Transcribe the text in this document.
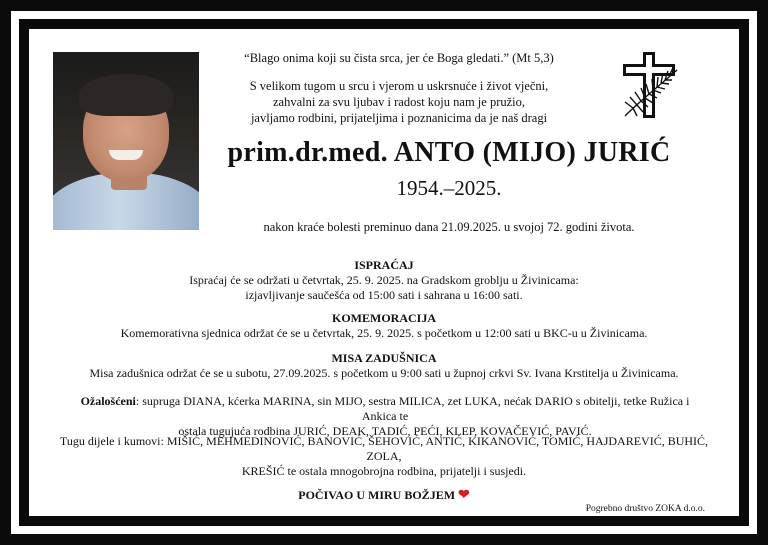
“Blago onima koji su čista srca, jer će Boga gledati.” (Mt 5,3)
S velikom tugom u srcu i vjerom u uskrsnuće i život vječni,
zahvalni za svu ljubav i radost koju nam je pružio,
javljamo rodbini, prijateljima i poznanicima da je naš dragi
prim.dr.med. ANTO (MIJO) JURIĆ
1954.–2025.
nakon kraće bolesti preminuo dana 21.09.2025. u svojoj 72. godini života.
ISPRAĆAJ
Ispraćaj će se održati u četvrtak, 25. 9. 2025. na Gradskom groblju u Živinicama:
izjavljivanje saučešća od 15:00 sati i sahrana u 16:00 sati.
KOMEMORACIJA
Komemorativna sjednica održat će se u četvrtak, 25. 9. 2025. s početkom u 12:00 sati u BKC-u u Živinicama.
MISA ZADUŠNICA
Misa zadušnica održat će se u subotu, 27.09.2025. s početkom u 9:00 sati u župnoj crkvi Sv. Ivana Krstitelja u Živinicama.
Ožalošćeni: supruga DIANA, kćerka MARINA, sin MIJO, sestra MILICA, zet LUKA, nećak DARIO s obitelji, tetke Ružica i Ankica te
ostala tugujuća rodbina JURIĆ, DEAK, TADIĆ, PEĆI, KLEP, KOVAČEVIĆ, PAVIĆ.
Tugu dijele i kumovi: MIŠIĆ, MEHMEDINOVIĆ, BANOVIĆ, ŠEHOVIĆ, ANTIĆ, KIKANOVIĆ, TOMIĆ, HAJDAREVIĆ, BUHIĆ, ZOLA,
KREŠIĆ te ostala mnogobrojna rodbina, prijatelji i susjedi.
POČIVAO U MIRU BOŽJEM ❤
Pogrebno društvo ZOKA d.o.o.
